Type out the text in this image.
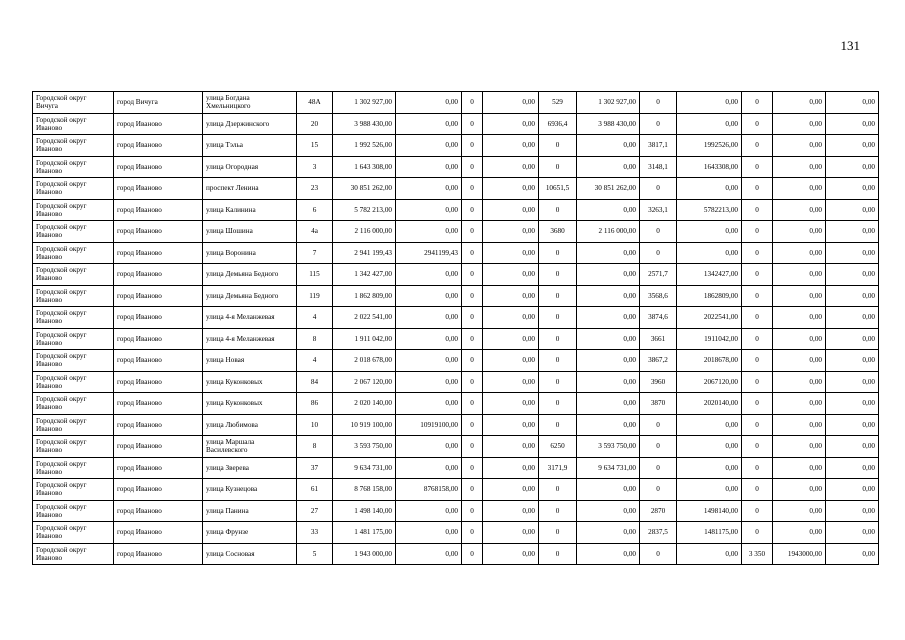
131
Городской округ Вичуга	город Вичуга	улица Богдана Хмельницкого	48А	1 302 927,00	0,00	0	0,00	529	1 302 927,00	0	0,00	0	0,00	0,00
Городской округ Иваново	город Иваново	улица Дзержинского	20	3 988 430,00	0,00	0	0,00	6936,4	3 988 430,00	0	0,00	0	0,00	0,00
Городской округ Иваново	город Иваново	улица Тэльа	15	1 992 526,00	0,00	0	0,00	0	0,00	3817,1	1992526,00	0	0,00	0,00
Городской округ Иваново	город Иваново	улица Огородная	3	1 643 308,00	0,00	0	0,00	0	0,00	3148,1	1643308,00	0	0,00	0,00
Городской округ Иваново	город Иваново	проспект Ленина	23	30 851 262,00	0,00	0	0,00	10651,5	30 851 262,00	0	0,00	0	0,00	0,00
Городской округ Иваново	город Иваново	улица Калинина	6	5 782 213,00	0,00	0	0,00	0	0,00	3263,1	5782213,00	0	0,00	0,00
Городской округ Иваново	город Иваново	улица Шошина	4а	2 116 000,00	0,00	0	0,00	3680	2 116 000,00	0	0,00	0	0,00	0,00
Городской округ Иваново	город Иваново	улица Воронина	7	2 941 199,43	2941199,43	0	0,00	0	0,00	0	0,00	0	0,00	0,00
Городской округ Иваново	город Иваново	улица Демьяна Бедного	115	1 342 427,00	0,00	0	0,00	0	0,00	2571,7	1342427,00	0	0,00	0,00
Городской округ Иваново	город Иваново	улица Демьяна Бедного	119	1 862 809,00	0,00	0	0,00	0	0,00	3568,6	1862809,00	0	0,00	0,00
Городской округ Иваново	город Иваново	улица 4-я Меланжевая	4	2 022 541,00	0,00	0	0,00	0	0,00	3874,6	2022541,00	0	0,00	0,00
Городской округ Иваново	город Иваново	улица 4-я Меланжевая	8	1 911 042,00	0,00	0	0,00	0	0,00	3661	1911042,00	0	0,00	0,00
Городской округ Иваново	город Иваново	улица Новая	4	2 018 678,00	0,00	0	0,00	0	0,00	3867,2	2018678,00	0	0,00	0,00
Городской округ Иваново	город Иваново	улица Куконковых	84	2 067 120,00	0,00	0	0,00	0	0,00	3960	2067120,00	0	0,00	0,00
Городской округ Иваново	город Иваново	улица Куконковых	86	2 020 140,00	0,00	0	0,00	0	0,00	3870	2020140,00	0	0,00	0,00
Городской округ Иваново	город Иваново	улица Любимова	10	10 919 100,00	10919100,00	0	0,00	0	0,00	0	0,00	0	0,00	0,00
Городской округ Иваново	город Иваново	улица Маршала Василевского	8	3 593 750,00	0,00	0	0,00	6250	3 593 750,00	0	0,00	0	0,00	0,00
Городской округ Иваново	город Иваново	улица Зверева	37	9 634 731,00	0,00	0	0,00	3171,9	9 634 731,00	0	0,00	0	0,00	0,00
Городской округ Иваново	город Иваново	улица Кузнецова	61	8 768 158,00	8768158,00	0	0,00	0	0,00	0	0,00	0	0,00	0,00
Городской округ Иваново	город Иваново	улица Панина	27	1 498 140,00	0,00	0	0,00	0	0,00	2870	1498140,00	0	0,00	0,00
Городской округ Иваново	город Иваново	улица Фрунзе	33	1 481 175,00	0,00	0	0,00	0	0,00	2837,5	1481175,00	0	0,00	0,00
Городской округ Иваново	город Иваново	улица Сосновая	5	1 943 000,00	0,00	0	0,00	0	0,00	0	0,00	3 350	1943000,00	0,00
